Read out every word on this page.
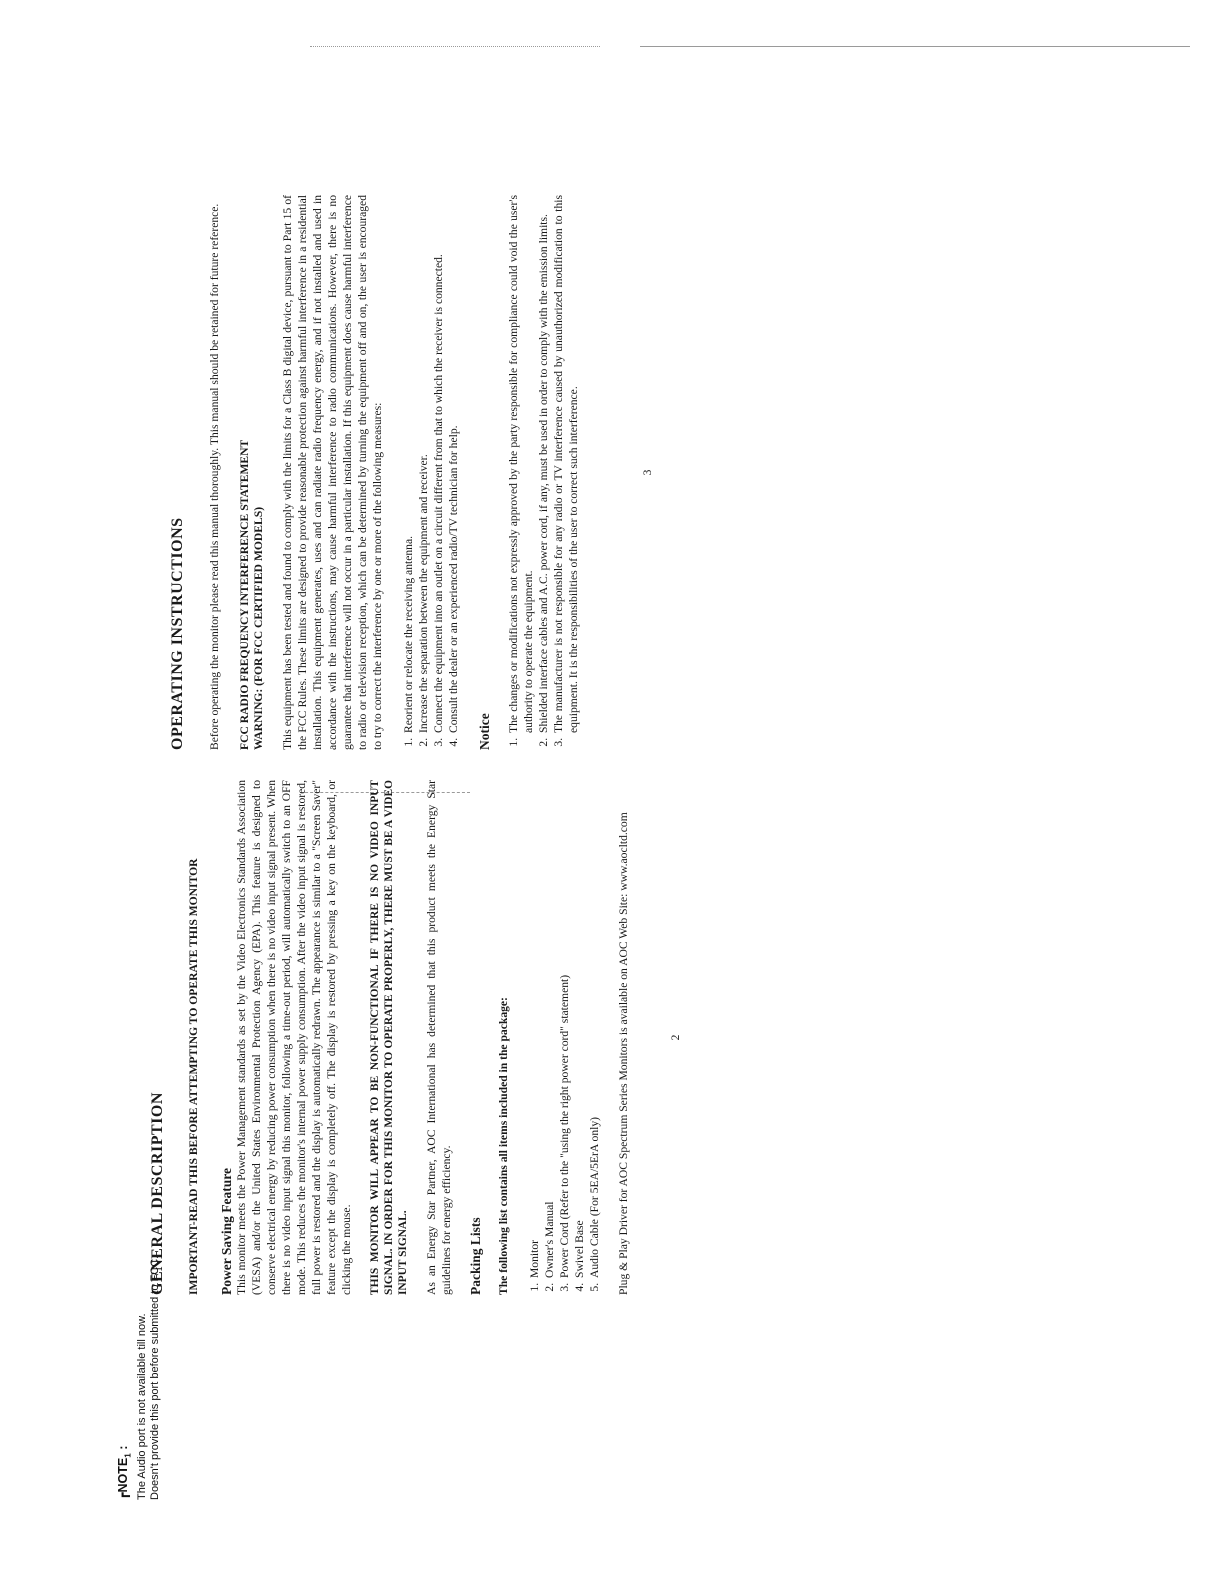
GENERAL DESCRIPTION IMPORTANT-READ THIS BEFORE ATTEMPTING TO OPERATE THIS MONITOR Power Saving Feature This monitor meets the Power Management standards as set by the Video Electronics Standards Association (VESA) and/or the United States Environmental Protection Agency (EPA). This feature is designed to conserve electrical energy by reducing power consumption when there is no video input signal present. When there is no video input signal this monitor, following a time-out period, will automatically switch to an OFF mode. This reduces the monitor's internal power supply consumption. After the video input signal is restored, full power is restored and the display is automatically redrawn. The appearance is similar to a "Screen Saver" feature except the display is completely off. The display is restored by pressing a key on the keyboard, or clicking the mouse. THIS MONITOR WILL APPEAR TO BE NON-FUNCTIONAL IF THERE IS NO VIDEO INPUT SIGNAL. IN ORDER FOR THIS MONITOR TO OPERATE PROPERLY, THERE MUST BE A VIDEO INPUT SIGNAL. As an Energy Star Partner, AOC International has determined that this product meets the Energy Star guidelines for energy efficiency. Packing Lists The following list contains all items included in the package: 1. Monitor 2. Owner's Manual 3. Power Cord (Refer to the "using the right power cord" statement) 4. Swivel Base 5. Audio Cable (For 5EA/5ErA only) Plug & Play Driver for AOC Spectrum Series Monitors is available on AOC Web Site: www.aocltd.com	2
$┏NOTE_1$ : The Audio port is not available till now. Doesn't provide this port before submitted to FCC.
OPERATING INSTRUCTIONS Before operating the monitor please read this manual thoroughly. This manual should be retained for future reference. FCC RADIO FREQUENCY INTERFERENCE STATEMENT WARNING: (FOR FCC CERTIFIED MODELS) This equipment has been tested and found to comply with the limits for a Class B digital device, pursuant to Part 15 of the FCC Rules. These limits are designed to provide reasonable protection against harmful interference in a residential installation. This equipment generates, uses and can radiate radio frequency energy, and if not installed and used in accordance with the instructions, may cause harmful interference to radio communications. However, there is no guarantee that interference will not occur in a particular installation. If this equipment does cause harmful interference to radio or television reception, which can be determined by turning the equipment off and on, the user is encouraged to try to correct the interference by one or more of the following measures: 1. Reorient or relocate the receiving antenna. 2. Increase the separation between the equipment and receiver. 3. Connect the equipment into an outlet on a circuit different from that to which the receiver is connected. 4. Consult the dealer or an experienced radio/TV technician for help. Notice 1. The changes or modifications not expressly approved by the party responsible for compliance could void the user's authority to operate the equipment. 2. Shielded interface cables and A.C. power cord, if any, must be used in order to comply with the emission limits. 3. The manufacturer is not responsible for any radio or TV interference caused by unauthorized modification to this equipment. It is the responsibilities of the user to correct such interference.	3
